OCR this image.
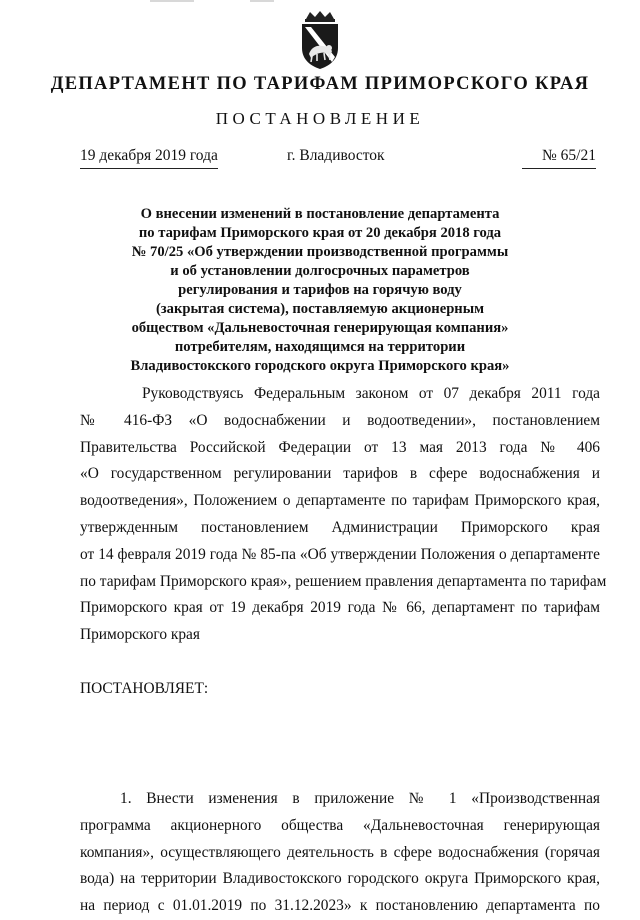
ДЕПАРТАМЕНТ ПО ТАРИФАМ ПРИМОРСКОГО КРАЯ
ПОСТАНОВЛЕНИЕ
19 декабря 2019 года	г. Владивосток	№ 65/21
О внесении изменений в постановление департамента
по тарифам Приморского края от 20 декабря 2018 года
№ 70/25 «Об утверждении производственной программы
и об установлении долгосрочных параметров
регулирования и тарифов на горячую воду
(закрытая система), поставляемую акционерным
обществом «Дальневосточная генерирующая компания»
потребителям, находящимся на территории
Владивостокского городского округа Приморского края»
Руководствуясь Федеральным законом от 07 декабря 2011 года
№ 416-ФЗ «О водоснабжении и водоотведении», постановлением
Правительства Российской Федерации от 13 мая 2013 года № 406
«О государственном регулировании тарифов в сфере водоснабжения и
водоотведения», Положением о департаменте по тарифам Приморского края,
утвержденным постановлением Администрации Приморского края
от 14 февраля 2019 года № 85-па «Об утверждении Положения о департаменте
по тарифам Приморского края», решением правления департамента по тарифам
Приморского края от 19 декабря 2019 года № 66, департамент по тарифам
Приморского края
ПОСТАНОВЛЯЕТ:
1. Внести изменения в приложение № 1 «Производственная
программа акционерного общества «Дальневосточная генерирующая
компания», осуществляющего деятельность в сфере водоснабжения (горячая
вода) на территории Владивостокского городского округа Приморского края,
на период с 01.01.2019 по 31.12.2023» к постановлению департамента по
